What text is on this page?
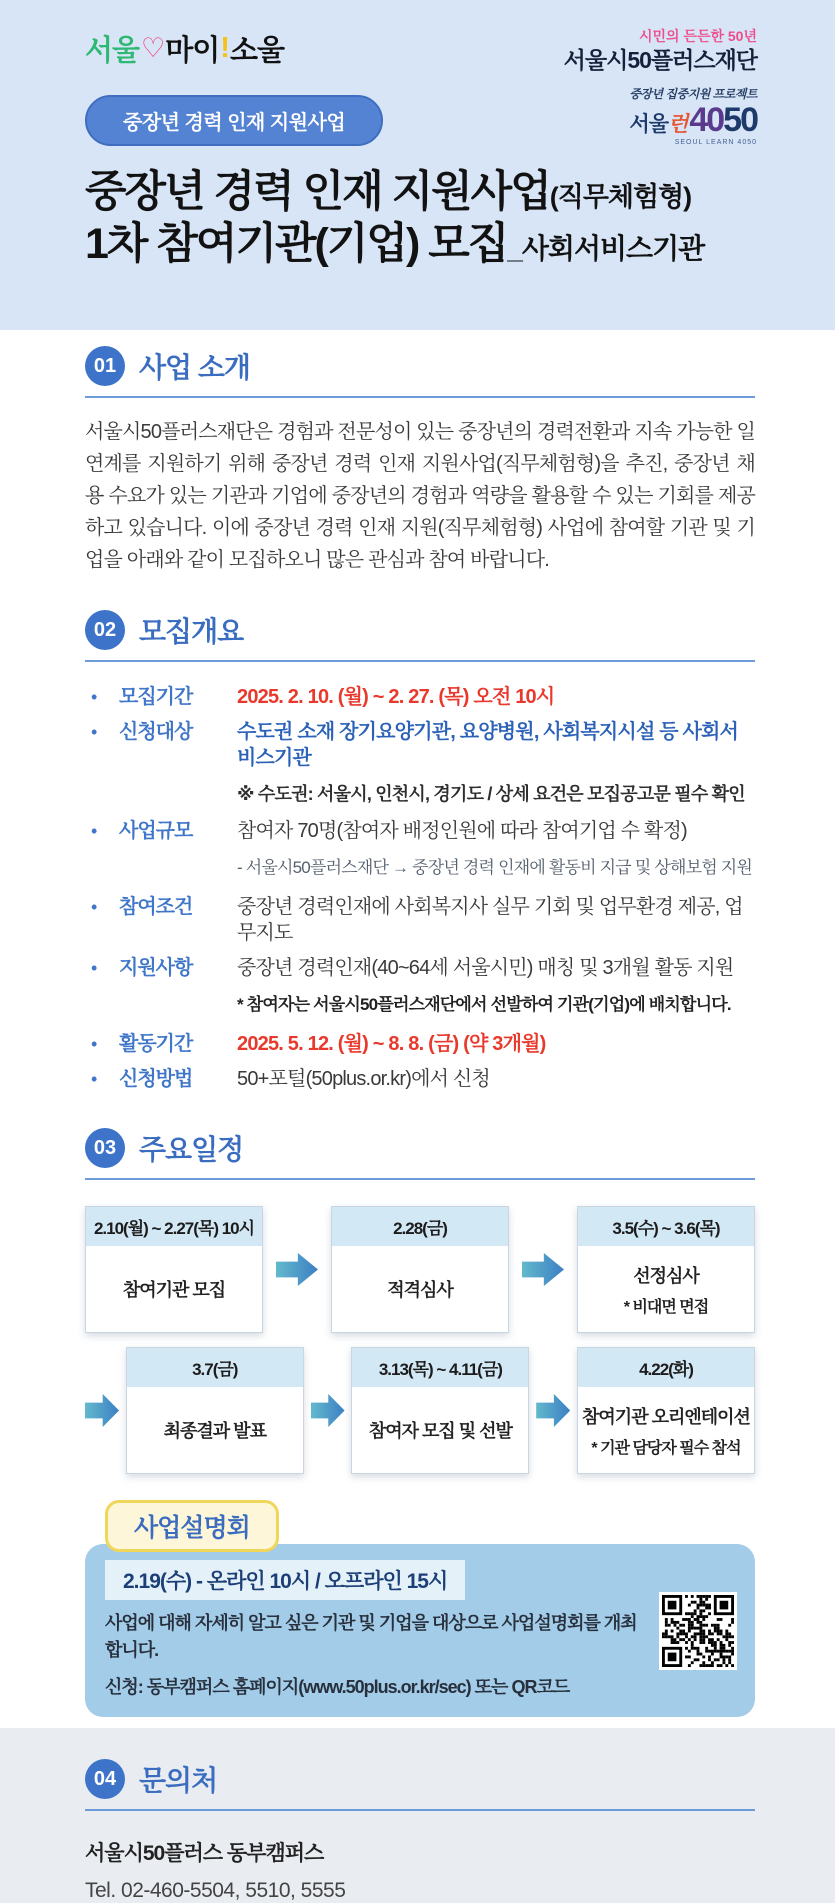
서울 ♡ 마이 ! 소울	시민의 든든한 50년
서울시50플러스재단
중장년 경력 인재 지원사업
중장년 집중지원 프로젝트
서울 런 40 50
SEOUL LEARN 4050
중장년 경력 인재 지원사업(직무체험형)
1차 참여기관(기업) 모집_사회서비스기관
01 사업 소개
서울시50플러스재단은 경험과 전문성이 있는 중장년의 경력전환과 지속 가능한 일 연계를 지원하기 위해 중장년 경력 인재 지원사업(직무체험형)을 추진, 중장년 채용 수요가 있는 기관과 기업에 중장년의 경험과 역량을 활용할 수 있는 기회를 제공하고 있습니다. 이에 중장년 경력 인재 지원(직무체험형) 사업에 참여할 기관 및 기업을 아래와 같이 모집하오니 많은 관심과 참여 바랍니다.
02 모집개요
•	모집기간	2025. 2. 10. (월) ~ 2. 27. (목) 오전 10시
•	신청대상	수도권 소재 장기요양기관, 요양병원, 사회복지시설 등 사회서비스기관
※ 수도권: 서울시, 인천시, 경기도 / 상세 요건은 모집공고문 필수 확인
•	사업규모	참여자 70명(참여자 배정인원에 따라 참여기업 수 확정)
- 서울시50플러스재단 → 중장년 경력 인재에 활동비 지급 및 상해보험 지원
•	참여조건	중장년 경력인재에 사회복지사 실무 기회 및 업무환경 제공, 업무지도
•	지원사항	중장년 경력인재(40~64세 서울시민) 매칭 및 3개월 활동 지원
* 참여자는 서울시50플러스재단에서 선발하여 기관(기업)에 배치합니다.
•	활동기간	2025. 5. 12. (월) ~ 8. 8. (금) (약 3개월)
•	신청방법	50+포털(50plus.or.kr)에서 신청
03 주요일정
2.10(월) ~ 2.27(목) 10시
참여기관 모집
2.28(금)
적격심사
3.5(수) ~ 3.6(목)
선정심사
* 비대면 면접
3.7(금)
최종결과 발표
3.13(목) ~ 4.11(금)
참여자 모집 및 선발
4.22(화)
참여기관 오리엔테이션
* 기관 담당자 필수 참석
사업설명회
2.19(수) - 온라인 10시 / 오프라인 15시
사업에 대해 자세히 알고 싶은 기관 및 기업을 대상으로 사업설명회를 개최합니다.
신청: 동부캠퍼스 홈페이지(www.50plus.or.kr/sec) 또는 QR코드
04 문의처
서울시50플러스 동부캠퍼스
Tel. 02-460-5504, 5510, 5555
